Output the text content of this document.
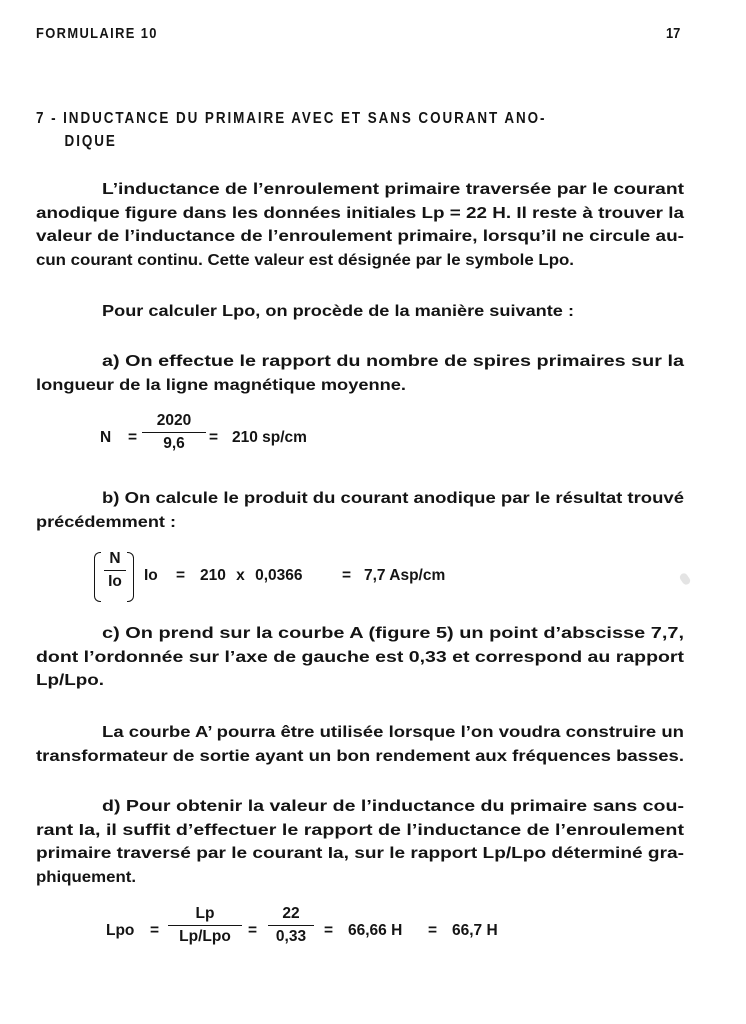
FORMULAIRE 10	17
7 - INDUCTANCE DU PRIMAIRE AVEC ET SANS COURANT ANO-
DIQUE
L’inductance de l’enroulement primaire traversée par le courant
anodique figure dans les données initiales Lp = 22 H. Il reste à trouver la
valeur de l’inductance de l’enroulement primaire, lorsqu’il ne circule au-
cun courant continu. Cette valeur est désignée par le symbole Lpo.
Pour calculer Lpo, on procède de la manière suivante :
a) On effectue le rapport du nombre de spires primaires sur la
longueur de la ligne magnétique moyenne.
N =
2020
9,6	= 210 sp/cm
b) On calcule le produit du courant anodique par le résultat trouvé
précédemment :
N
Io Io = 210 x 0,0366	= 7,7 Asp/cm
c) On prend sur la courbe A (figure 5) un point d’abscisse 7,7,
dont l’ordonnée sur l’axe de gauche est 0,33 et correspond au rapport
Lp/Lpo.
La courbe A’ pourra être utilisée lorsque l’on voudra construire un
transformateur de sortie ayant un bon rendement aux fréquences basses.
d) Pour obtenir la valeur de l’inductance du primaire sans cou-
rant Ia, il suffit d’effectuer le rapport de l’inductance de l’enroulement
primaire traversé par le courant Ia, sur le rapport Lp/Lpo déterminé gra-
phiquement.
Lpo =
Lp
Lp/Lpo	=
22
0,33	= 66,66 H = 66,7 H
